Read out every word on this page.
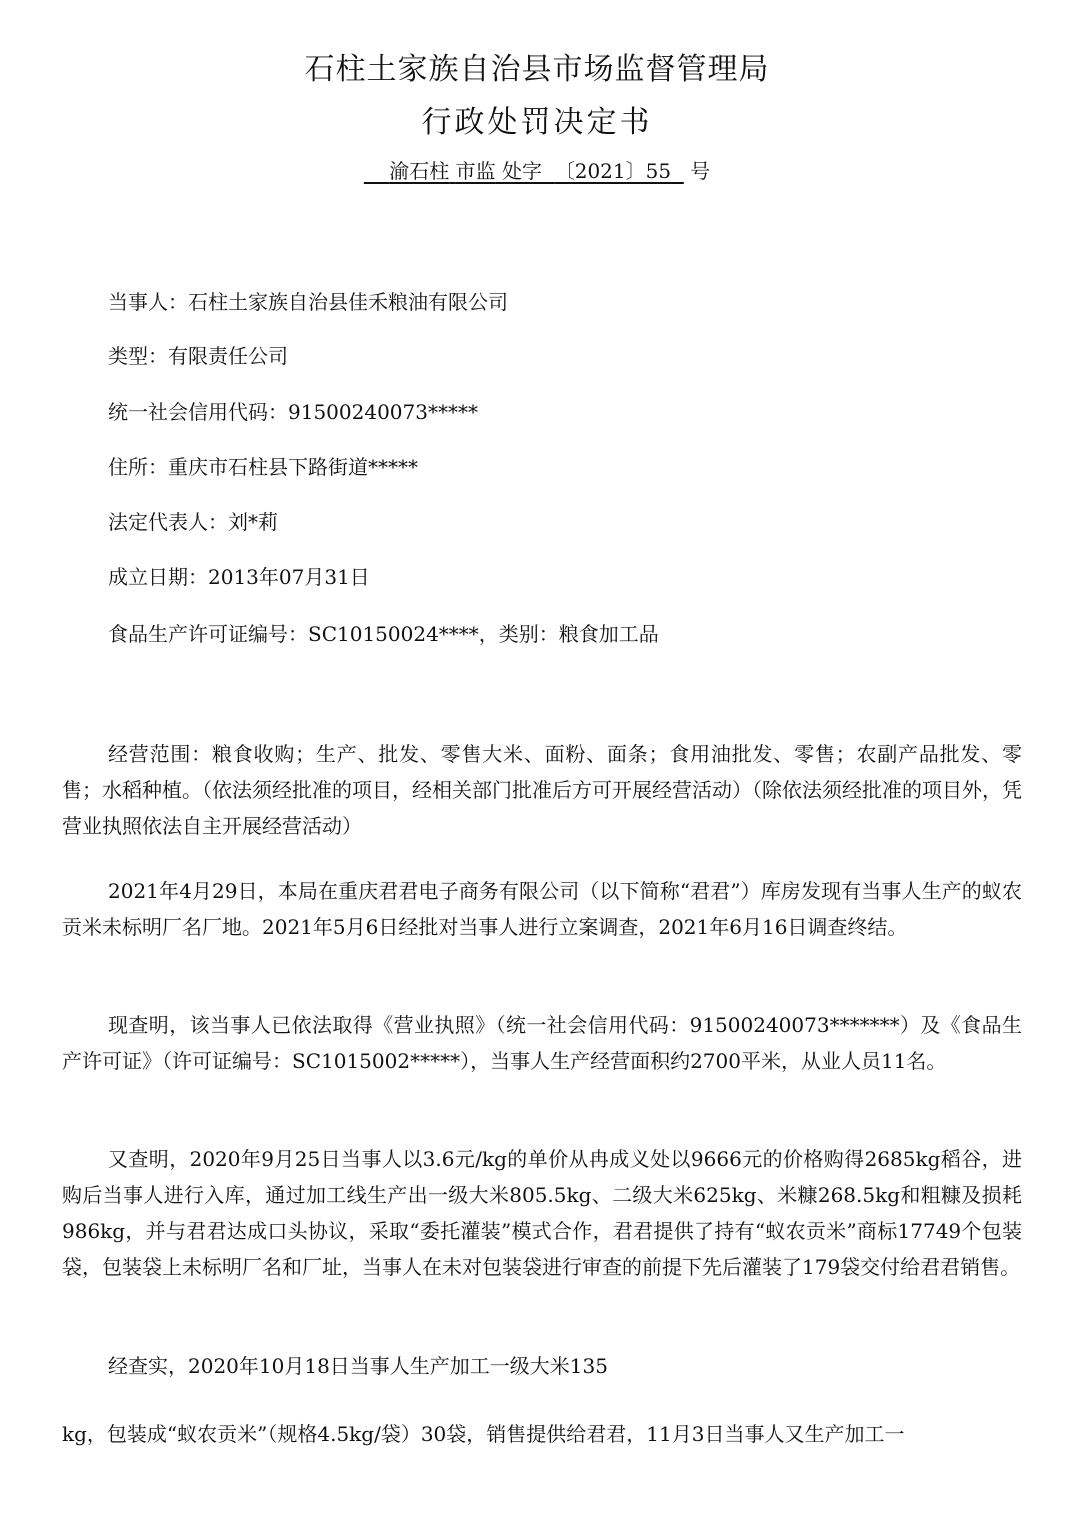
石柱土家族自治县市场监督管理局
行政处罚决定书
渝石柱 市监 处字 〔2021〕55 号
当事人：石柱土家族自治县佳禾粮油有限公司
类型：有限责任公司
统一社会信用代码：91500240073*****
住所：重庆市石柱县下路街道*****
法定代表人：刘*莉
成立日期：2013年07月31日
食品生产许可证编号：SC10150024****，类别：粮食加工品
经营范围：粮食收购；生产、批发、零售大米、面粉、面条；食用油批发、零售；农副产品批发、零售；水稻种植。（依法须经批准的项目，经相关部门批准后方可开展经营活动）（除依法须经批准的项目外，凭营业执照依法自主开展经营活动）
2021年4月29日，本局在重庆君君电子商务有限公司（以下简称“君君”）库房发现有当事人生产的蚁农贡米未标明厂名厂地。2021年5月6日经批对当事人进行立案调查，2021年6月16日调查终结。
现查明，该当事人已依法取得《营业执照》（统一社会信用代码：91500240073*******）及《食品生产许可证》（许可证编号：SC1015002*****），当事人生产经营面积约2700平米，从业人员11名。
又查明，2020年9月25日当事人以3.6元/kg的单价从冉成义处以9666元的价格购得2685kg稻谷，进购后当事人进行入库，通过加工线生产出一级大米805.5kg、二级大米625kg、米糠268.5kg和粗糠及损耗986kg，并与君君达成口头协议，采取“委托灌装”模式合作，君君提供了持有“蚁农贡米”商标17749个包装袋，包装袋上未标明厂名和厂址，当事人在未对包装袋进行审查的前提下先后灌装了179袋交付给君君销售。
经查实，2020年10月18日当事人生产加工一级大米135
kg，包装成“蚁农贡米”（规格4.5kg/袋）30袋，销售提供给君君，11月3日当事人又生产加工一
